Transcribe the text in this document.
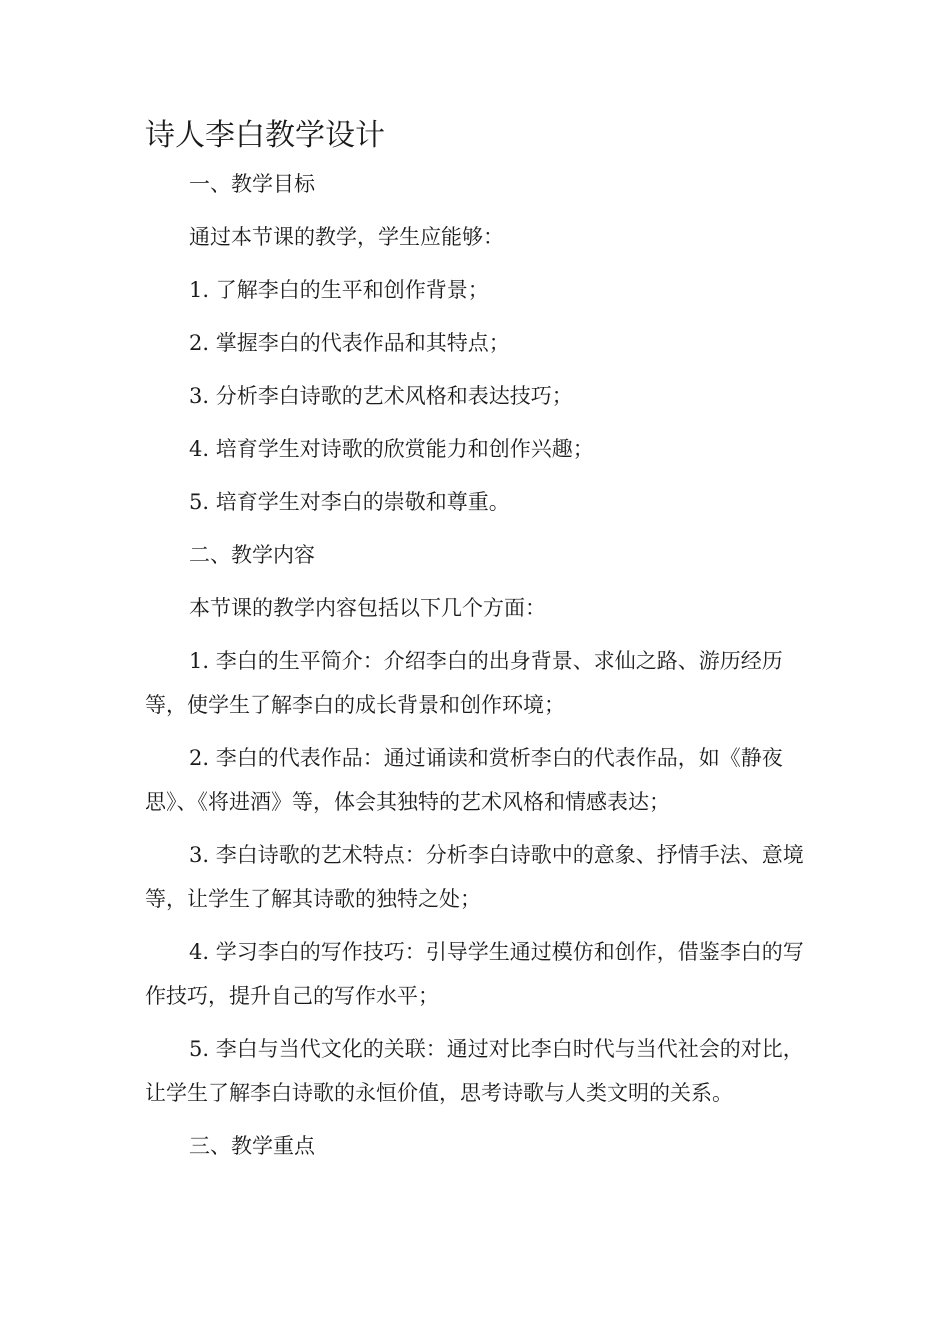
诗人李白教学设计

一、教学目标

通过本节课的教学，学生应能够：

1. 了解李白的生平和创作背景；

2. 掌握李白的代表作品和其特点；

3. 分析李白诗歌的艺术风格和表达技巧；

4. 培育学生对诗歌的欣赏能力和创作兴趣；

5. 培育学生对李白的崇敬和尊重。

二、教学内容

本节课的教学内容包括以下几个方面：

1. 李白的生平简介：介绍李白的出身背景、求仙之路、游历经历等，使学生了解李白的成长背景和创作环境；

2. 李白的代表作品：通过诵读和赏析李白的代表作品，如《静夜思》、《将进酒》等，体会其独特的艺术风格和情感表达；

3. 李白诗歌的艺术特点：分析李白诗歌中的意象、抒情手法、意境等，让学生了解其诗歌的独特之处；

4. 学习李白的写作技巧：引导学生通过模仿和创作，借鉴李白的写作技巧，提升自己的写作水平；

5. 李白与当代文化的关联：通过对比李白时代与当代社会的对比，让学生了解李白诗歌的永恒价值，思考诗歌与人类文明的关系。

三、教学重点
